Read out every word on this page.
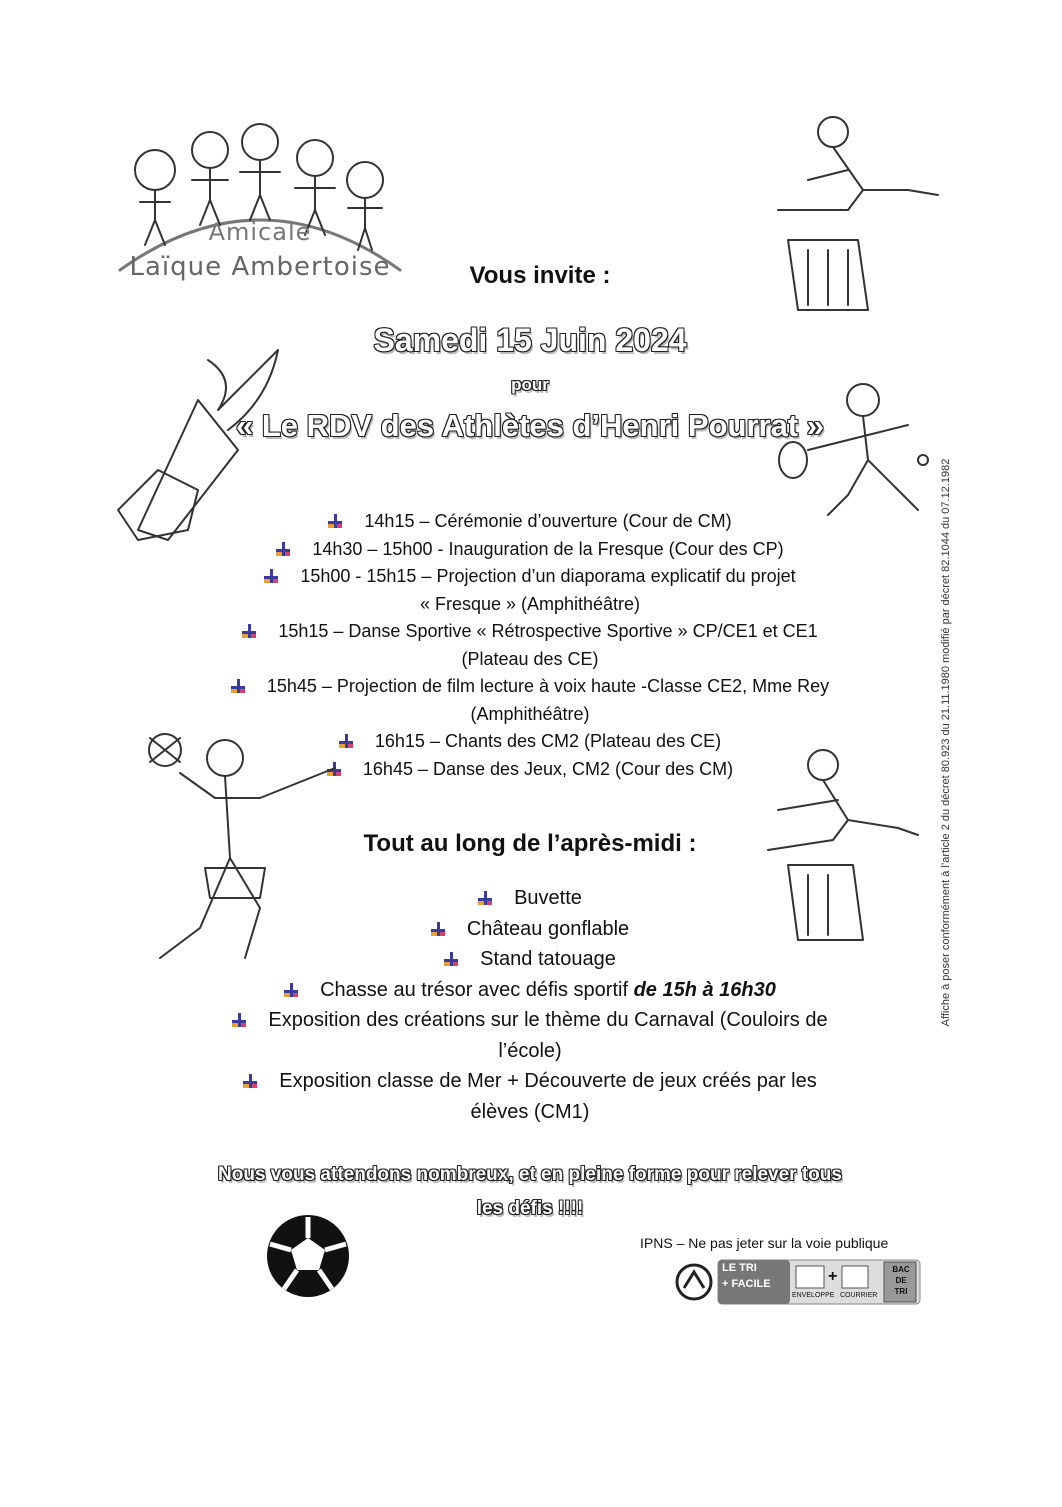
Amicale
Laïque Ambertoise	Vous invite :
Samedi 15 Juin 2024
pour
« Le RDV des Athlètes d’Henri Pourrat »
14h15 – Cérémonie d’ouverture (Cour de CM)
14h30 – 15h00 - Inauguration de la Fresque (Cour des CP)
15h00 - 15h15 – Projection d’un diaporama explicatif du projet
« Fresque » (Amphithéâtre)
15h15 – Danse Sportive « Rétrospective Sportive » CP/CE1 et CE1
(Plateau des CE)
15h45 – Projection de film lecture à voix haute -Classe CE2, Mme Rey
(Amphithéâtre)
16h15 – Chants des CM2 (Plateau des CE)
16h45 – Danse des Jeux, CM2 (Cour des CM)
Tout au long de l’après-midi :
Buvette
Château gonflable
Stand tatouage
Chasse au trésor avec défis sportif de 15h à 16h30
Exposition des créations sur le thème du Carnaval (Couloirs de
l’école)
Exposition classe de Mer + Découverte de jeux créés par les
élèves (CM1)
Nous vous attendons nombreux, et en pleine forme pour relever tous
les défis !!!!
IPNS – Ne pas jeter sur la voie publique
LE TRI
+ FACILE
ENVELOPPE
+
COURRIER
BAC
DE
TRI
Affiche à poser conformément à l’article 2 du décret 80.923 du 21.11.1980 modifié par décret 82.1044 du 07.12.1982
